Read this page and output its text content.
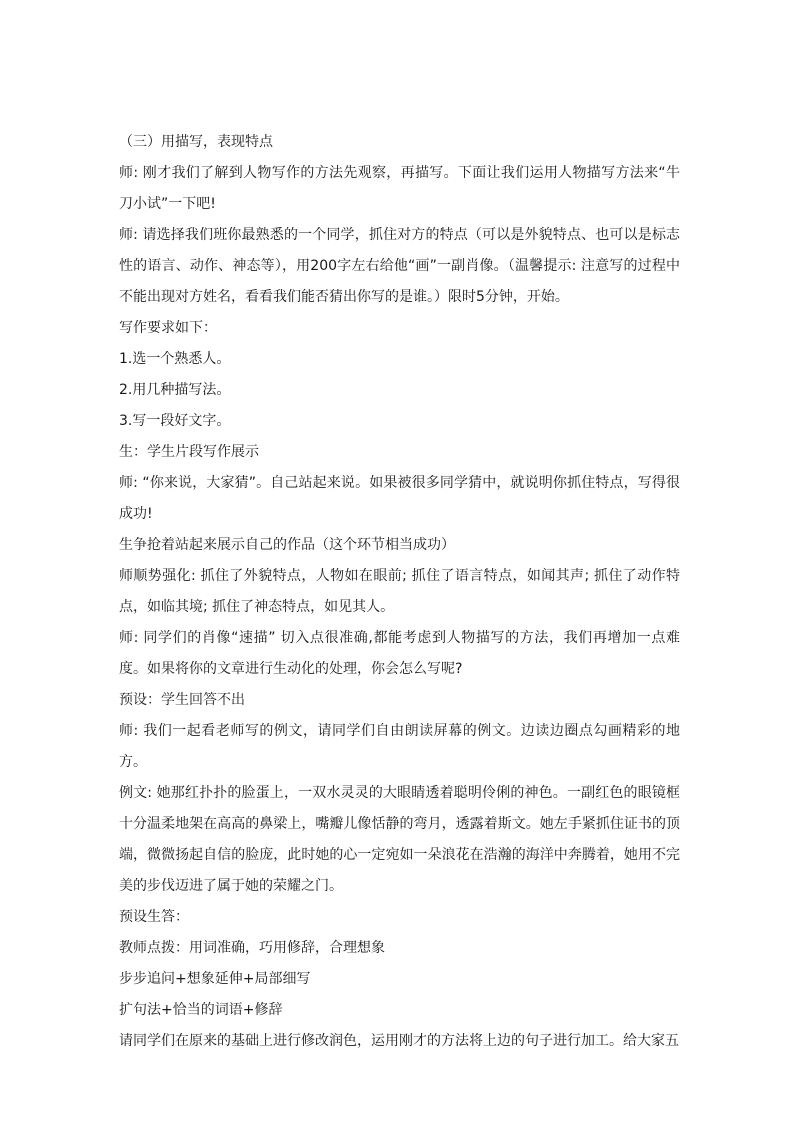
（三）用描写，表现特点

师: 刚才我们了解到人物写作的方法先观察，再描写。下面让我们运用人物描写方法来“牛刀小试”一下吧!

师: 请选择我们班你最熟悉的一个同学，抓住对方的特点（可以是外貌特点、也可以是标志性的语言、动作、神态等），用200字左右给他“画”一副肖像。（温馨提示: 注意写的过程中不能出现对方姓名，看看我们能否猜出你写的是谁。）限时5分钟，开始。

写作要求如下：

1.选一个熟悉人。

2.用几种描写法。

3.写一段好文字。

生：学生片段写作展示

师: “你来说，大家猜”。自己站起来说。如果被很多同学猜中，就说明你抓住特点，写得很成功!

生争抢着站起来展示自己的作品（这个环节相当成功）

师顺势强化: 抓住了外貌特点，人物如在眼前; 抓住了语言特点，如闻其声; 抓住了动作特点，如临其境; 抓住了神态特点，如见其人。

师: 同学们的肖像“速描” 切入点很准确,都能考虑到人物描写的方法，我们再增加一点难度。如果将你的文章进行生动化的处理，你会怎么写呢?

预设：学生回答不出

师: 我们一起看老师写的例文，请同学们自由朗读屏幕的例文。边读边圈点勾画精彩的地方。

例文: 她那红扑扑的脸蛋上，一双水灵灵的大眼睛透着聪明伶俐的神色。一副红色的眼镜框十分温柔地架在高高的鼻梁上，嘴瓣儿像恬静的弯月，透露着斯文。她左手紧抓住证书的顶端，微微扬起自信的脸庞，此时她的心一定宛如一朵浪花在浩瀚的海洋中奔腾着，她用不完美的步伐迈进了属于她的荣耀之门。

预设生答：

教师点拨：用词准确，巧用修辞，合理想象

步步追问+想象延伸+局部细写

扩句法+恰当的词语+修辞

请同学们在原来的基础上进行修改润色，运用刚才的方法将上边的句子进行加工。给大家五
